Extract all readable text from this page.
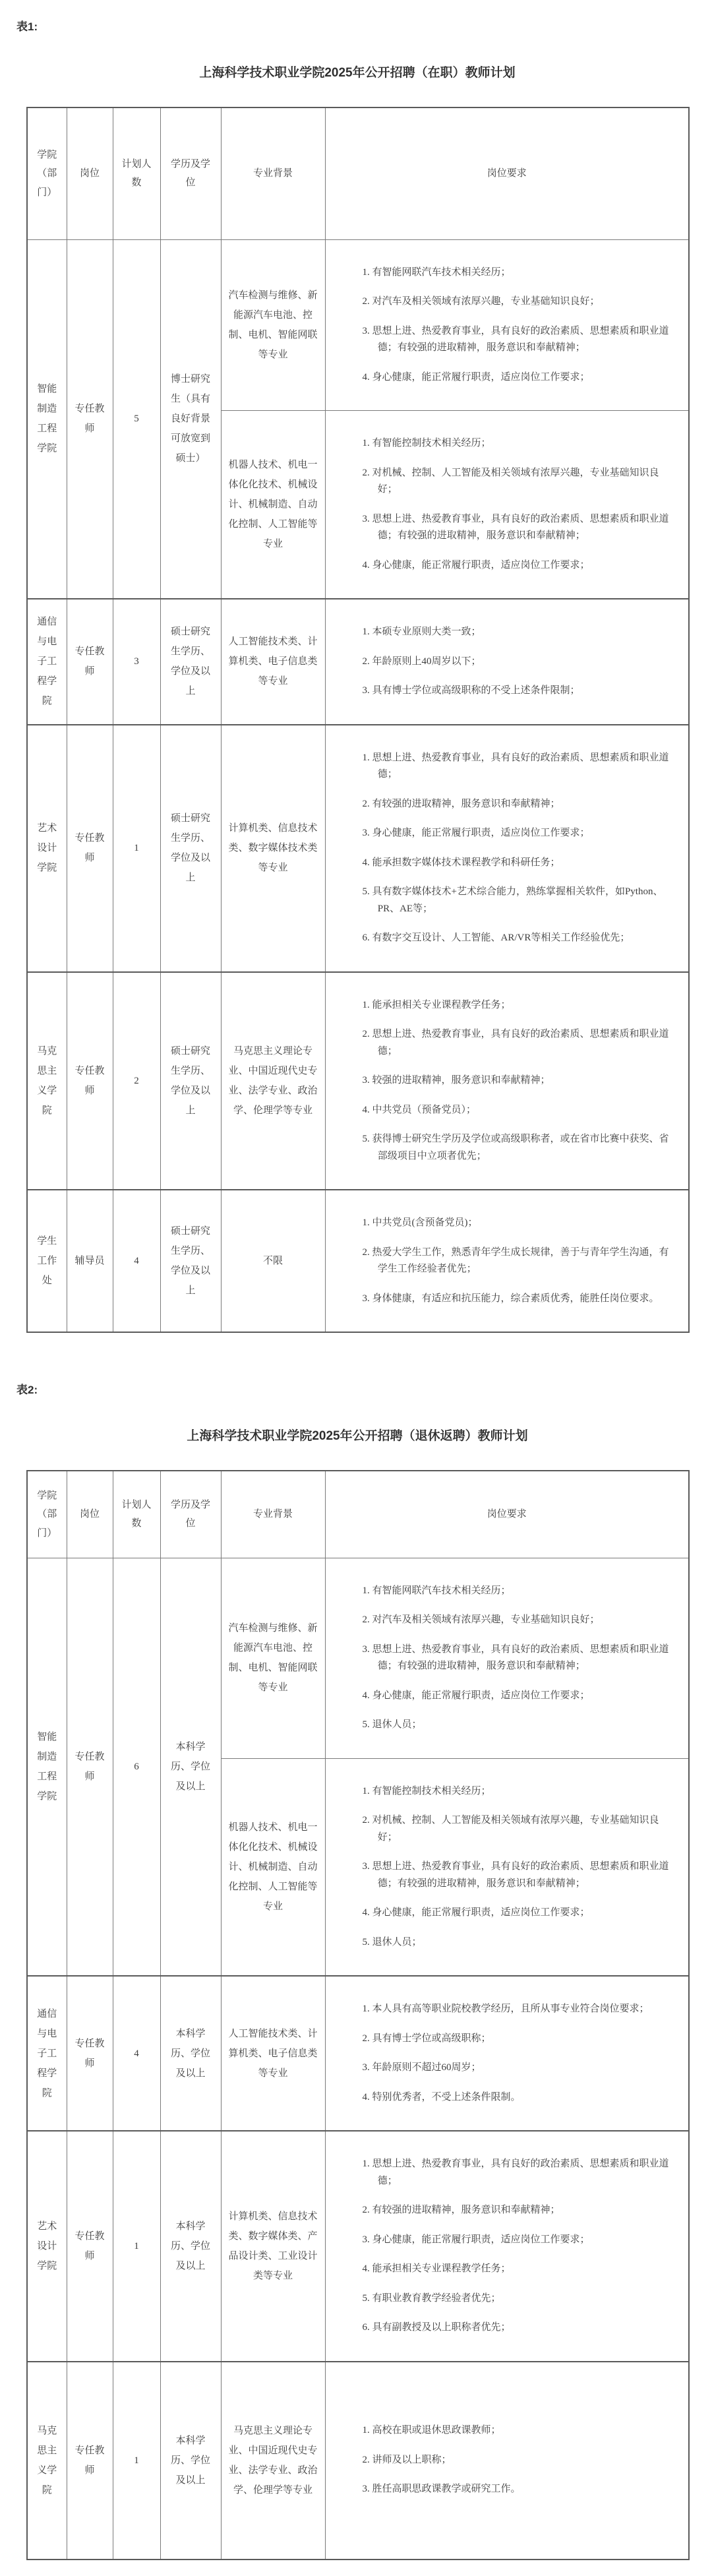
表1:
上海科学技术职业学院2025年公开招聘（在职）教师计划
学院（部门）	岗位	计划人数	学历及学位	专业背景	岗位要求
智能制造工程学院	专任教师	5	博士研究生（具有良好背景可放宽到硕士）	汽车检测与维修、新能源汽车电池、控制、电机、智能网联等专业	1. 有智能网联汽车技术相关经历；
2. 对汽车及相关领域有浓厚兴趣，专业基础知识良好；
3. 思想上进、热爱教育事业，具有良好的政治素质、思想素质和职业道德；有较强的进取精神，服务意识和奉献精神；
4. 身心健康，能正常履行职责，适应岗位工作要求；

				机器人技术、机电一体化化技术、机械设计、机械制造、自动化控制、人工智能等专业	1. 有智能控制技术相关经历；
2. 对机械、控制、人工智能及相关领域有浓厚兴趣，专业基础知识良好；
3. 思想上进、热爱教育事业，具有良好的政治素质、思想素质和职业道德；有较强的进取精神，服务意识和奉献精神；
4. 身心健康，能正常履行职责，适应岗位工作要求；

通信与电子工程学院	专任教师	3	硕士研究生学历、学位及以上	人工智能技术类、计算机类、电子信息类等专业	1. 本硕专业原则大类一致；
2. 年龄原则上40周岁以下；
3. 具有博士学位或高级职称的不受上述条件限制；

艺术设计学院	专任教师	1	硕士研究生学历、学位及以上	计算机类、信息技术类、数字媒体技术类等专业	
1. 思想上进、热爱教育事业，具有良好的政治素质、思想素质和职业道德；
2. 有较强的进取精神，服务意识和奉献精神；
3. 身心健康，能正常履行职责，适应岗位工作要求；
4. 能承担数字媒体技术课程教学和科研任务；
5. 具有数字媒体技术+艺术综合能力，熟练掌握相关软件，如Python、PR、AE等；
6. 有数字交互设计、人工智能、AR/VR等相关工作经验优先；

马克思主义学院	专任教师	2	硕士研究生学历、学位及以上	马克思主义理论专业、中国近现代史专业、法学专业、政治学、伦理学等专业	1. 能承担相关专业课程教学任务；
2. 思想上进、热爱教育事业，具有良好的政治素质、思想素质和职业道德；
3. 较强的进取精神，服务意识和奉献精神；
4. 中共党员（预备党员）；
5. 获得博士研究生学历及学位或高级职称者，或在省市比赛中获奖、省部级项目中立项者优先；

学生工作处	辅导员	4	硕士研究生学历、学位及以上	不限	1. 中共党员(含预备党员)；
2. 热爱大学生工作，熟悉青年学生成长规律，善于与青年学生沟通，有学生工作经验者优先；
3. 身体健康，有适应和抗压能力，综合素质优秀，能胜任岗位要求。
表2:
上海科学技术职业学院2025年公开招聘（退休返聘）教师计划
学院（部门）	岗位	计划人数	学历及学位	专业背景	岗位要求
智能制造工程学院	专任教师	6	本科学历、学位及以上	汽车检测与维修、新能源汽车电池、控制、电机、智能网联等专业	1. 有智能网联汽车技术相关经历；
2. 对汽车及相关领域有浓厚兴趣，专业基础知识良好；
3. 思想上进、热爱教育事业，具有良好的政治素质、思想素质和职业道德；有较强的进取精神，服务意识和奉献精神；
4. 身心健康，能正常履行职责，适应岗位工作要求；
5. 退休人员；

				机器人技术、机电一体化化技术、机械设计、机械制造、自动化控制、人工智能等专业	1. 有智能控制技术相关经历；
2. 对机械、控制、人工智能及相关领域有浓厚兴趣，专业基础知识良好；
3. 思想上进、热爱教育事业，具有良好的政治素质、思想素质和职业道德；有较强的进取精神，服务意识和奉献精神；
4. 身心健康，能正常履行职责，适应岗位工作要求；
5. 退休人员；

通信与电子工程学院	专任教师	4	本科学历、学位及以上	人工智能技术类、计算机类、电子信息类等专业	1. 本人具有高等职业院校教学经历，且所从事专业符合岗位要求；
2. 具有博士学位或高级职称；
3. 年龄原则不超过60周岁；
4. 特别优秀者，不受上述条件限制。

艺术设计学院	专任教师	1	本科学历、学位及以上	计算机类、信息技术类、数字媒体类、产品设计类、工业设计类等专业	
1. 思想上进、热爱教育事业，具有良好的政治素质、思想素质和职业道德；
2. 有较强的进取精神，服务意识和奉献精神；
3. 身心健康，能正常履行职责，适应岗位工作要求；
4. 能承担相关专业课程教学任务；
5. 有职业教育教学经验者优先；
6. 具有副教授及以上职称者优先；

马克思主义学院	专任教师	1	本科学历、学位及以上	马克思主义理论专业、中国近现代史专业、法学专业、政治学、伦理学等专业	1. 高校在职或退休思政课教师；
2. 讲师及以上职称；
3. 胜任高职思政课教学或研究工作。
